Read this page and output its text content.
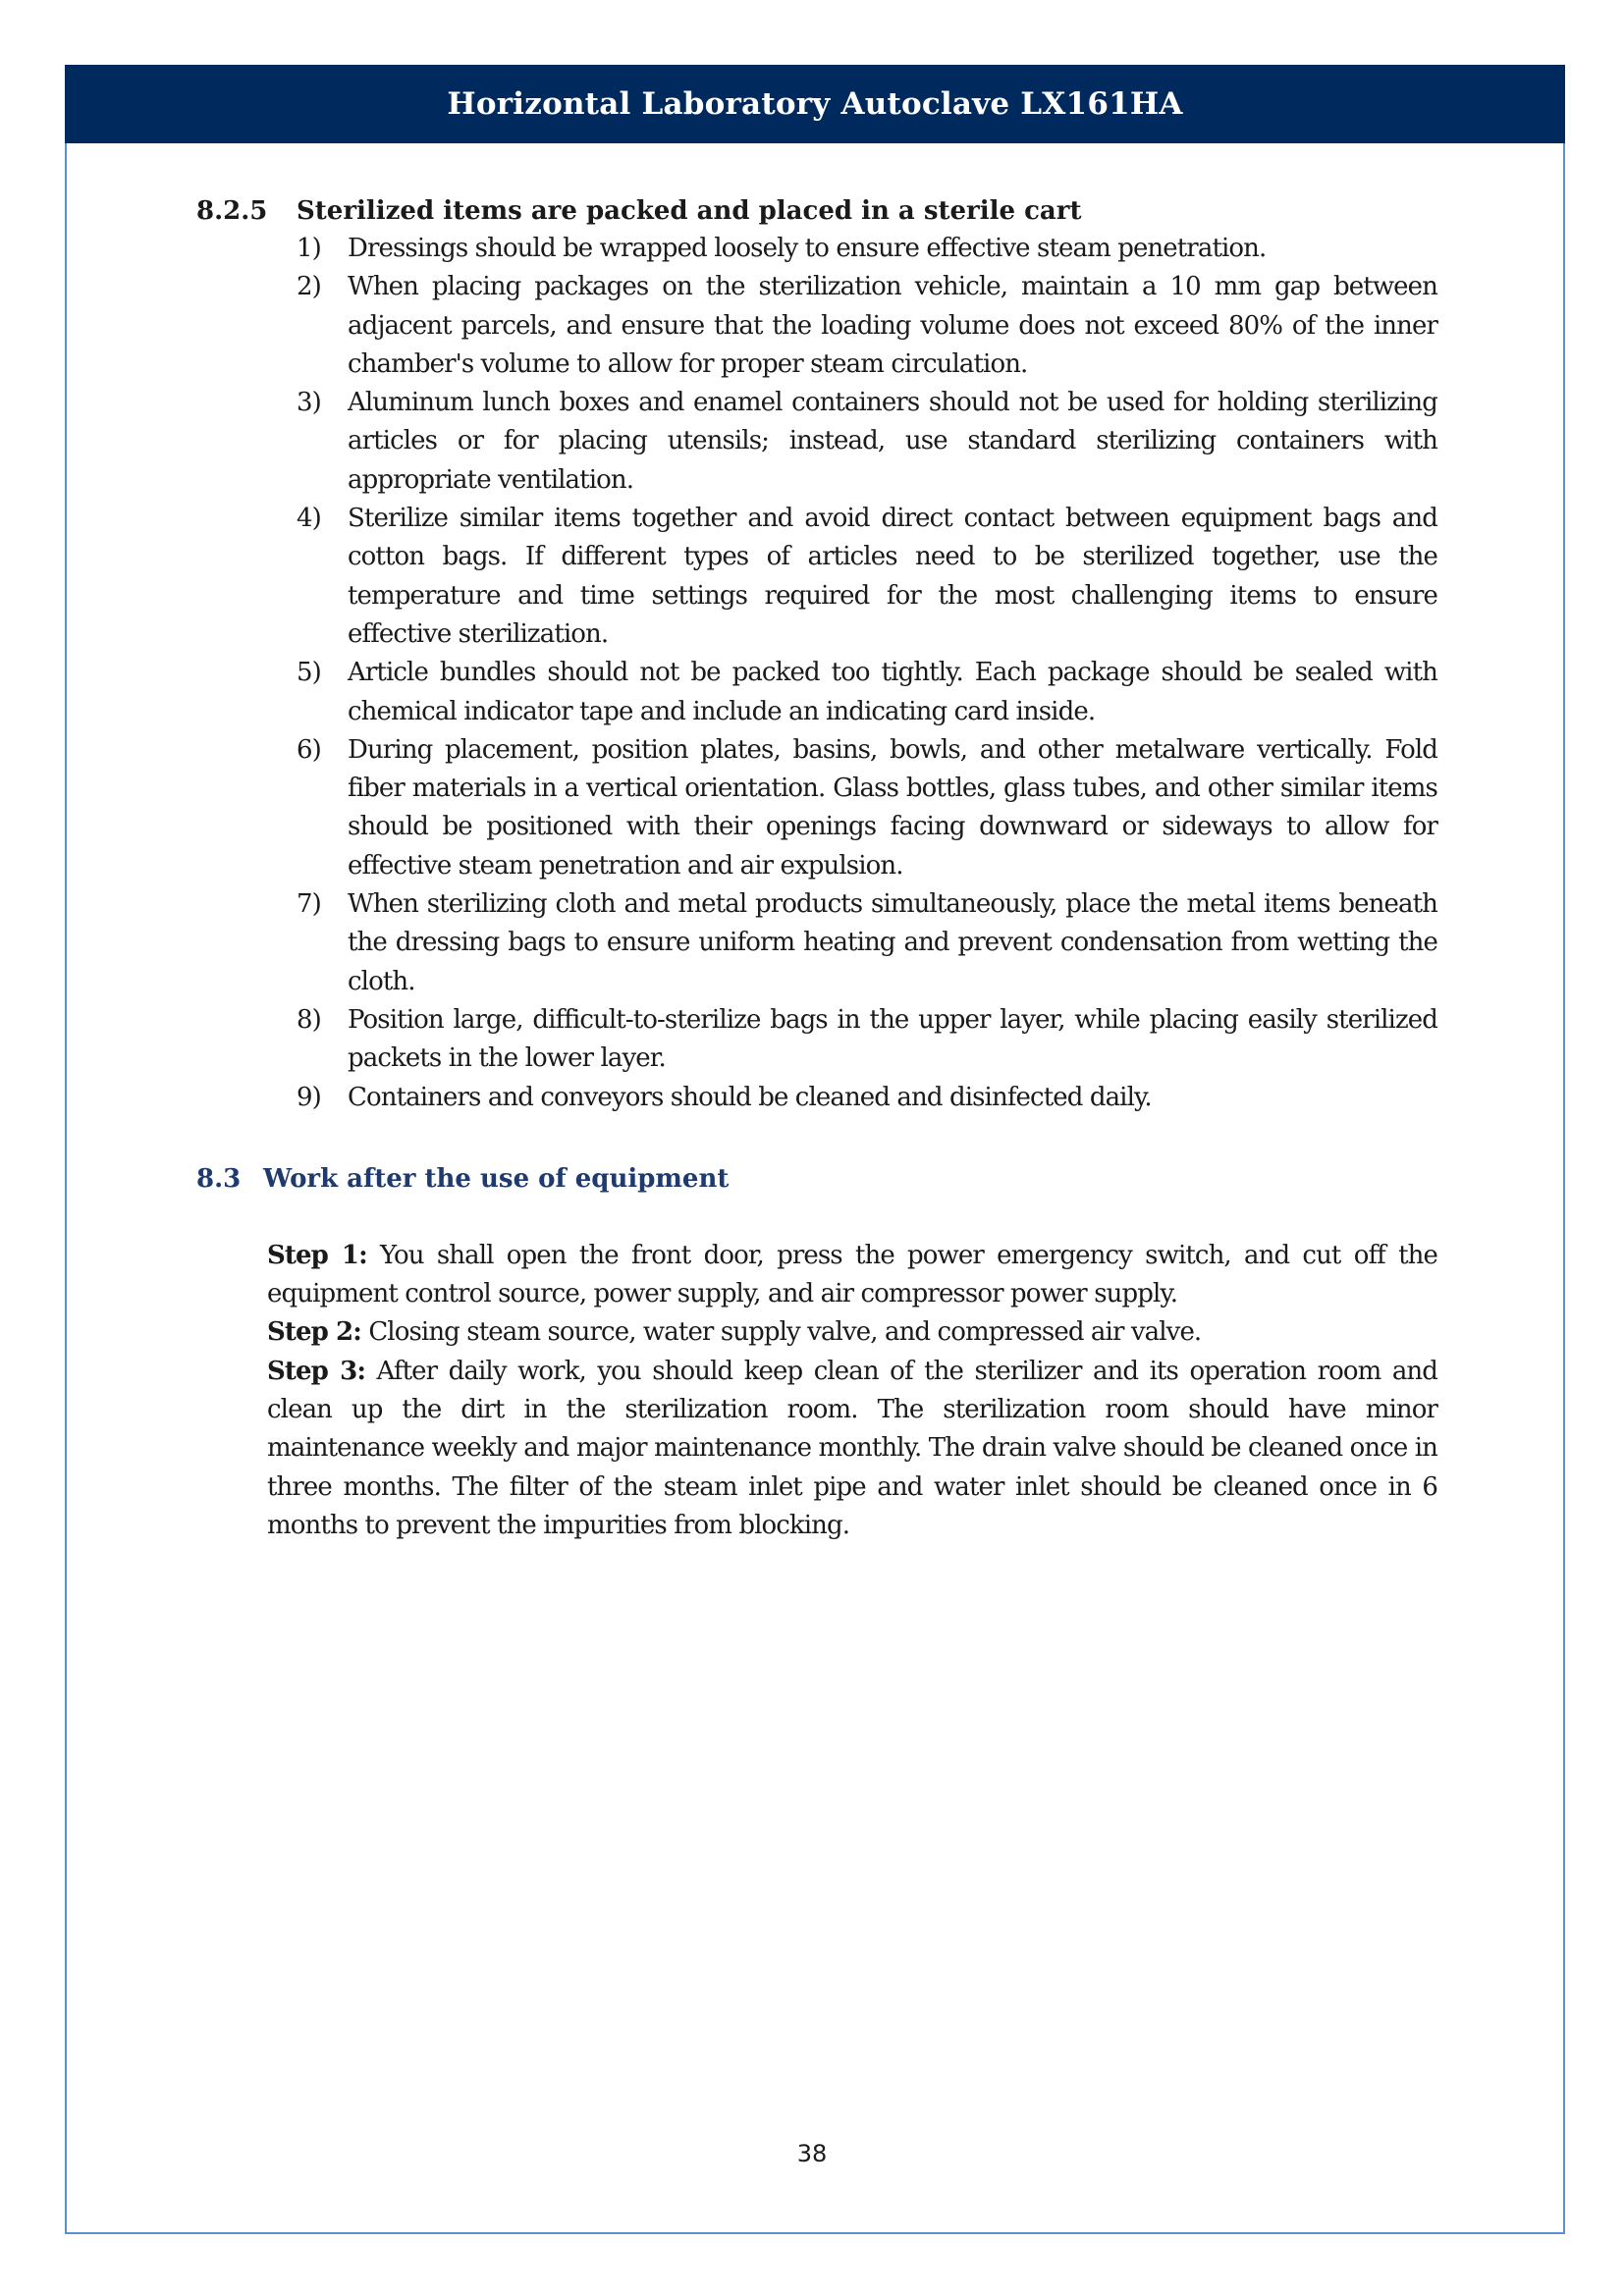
Horizontal Laboratory Autoclave LX161HA
8.2.5	Sterilized items are packed and placed in a sterile cart
1)	Dressings should be wrapped loosely to ensure effective steam penetration.
2)	When placing packages on the sterilization vehicle, maintain a 10 mm gap between adjacent parcels, and ensure that the loading volume does not exceed 80% of the inner chamber's volume to allow for proper steam circulation.
3)	Aluminum lunch boxes and enamel containers should not be used for holding sterilizing articles or for placing utensils; instead, use standard sterilizing containers with appropriate ventilation.
4)	Sterilize similar items together and avoid direct contact between equipment bags and cotton bags. If different types of articles need to be sterilized together, use the temperature and time settings required for the most challenging items to ensure effective sterilization.
5)	Article bundles should not be packed too tightly. Each package should be sealed with chemical indicator tape and include an indicating card inside.
6)	During placement, position plates, basins, bowls, and other metalware vertically. Fold fiber materials in a vertical orientation. Glass bottles, glass tubes, and other similar items should be positioned with their openings facing downward or sideways to allow for effective steam penetration and air expulsion.
7)	When sterilizing cloth and metal products simultaneously, place the metal items beneath the dressing bags to ensure uniform heating and prevent condensation from wetting the cloth.
8)	Position large, difficult-to-sterilize bags in the upper layer, while placing easily sterilized packets in the lower layer.
9)	Containers and conveyors should be cleaned and disinfected daily.
8.3 Work after the use of equipment

Step 1: You shall open the front door, press the power emergency switch, and cut off the equipment control source, power supply, and air compressor power supply.

Step 2: Closing steam source, water supply valve, and compressed air valve.

Step 3: After daily work, you should keep clean of the sterilizer and its operation room and clean up the dirt in the sterilization room. The sterilization room should have minor maintenance weekly and major maintenance monthly. The drain valve should be cleaned once in three months. The filter of the steam inlet pipe and water inlet should be cleaned once in 6 months to prevent the impurities from blocking.

38
